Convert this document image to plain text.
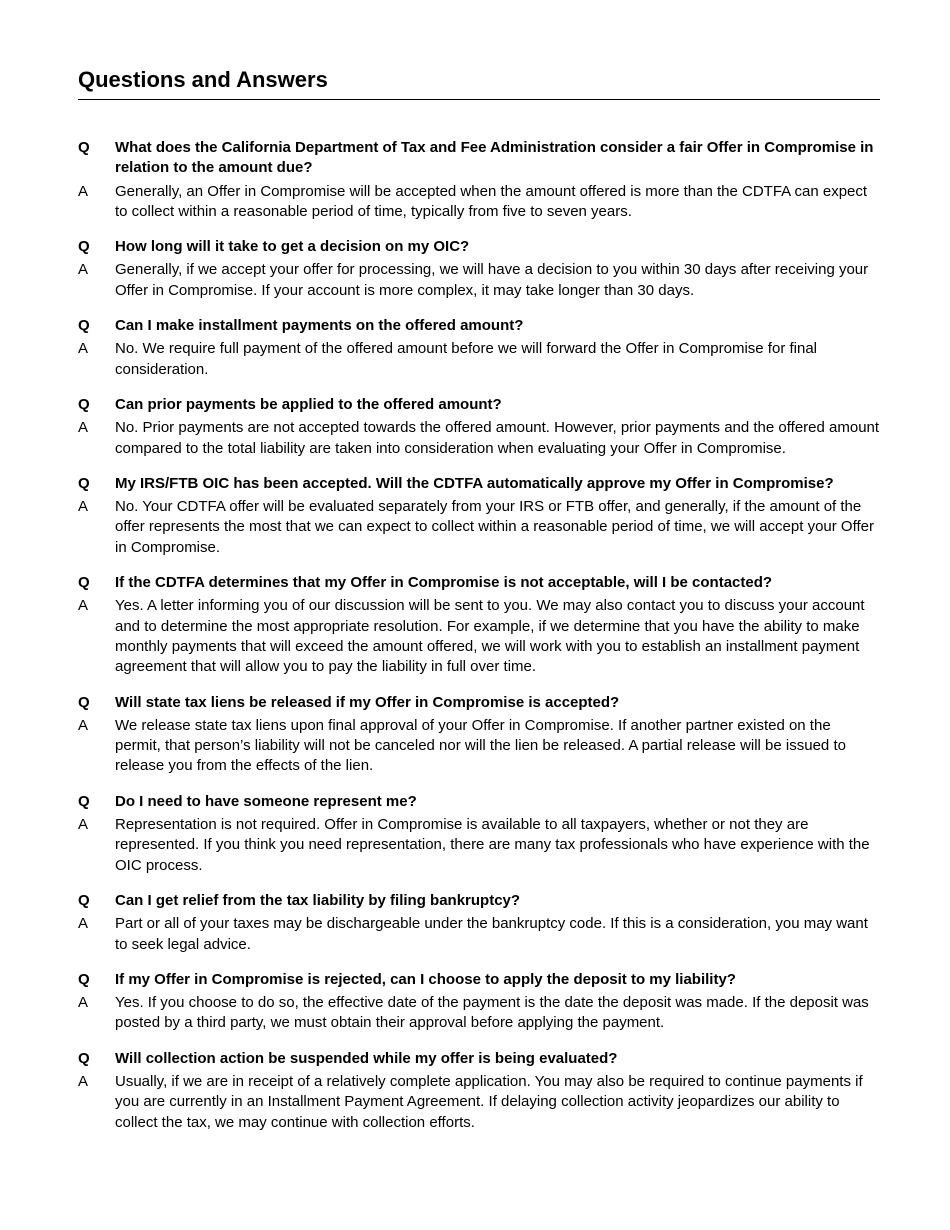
Questions and Answers
Q	What does the California Department of Tax and Fee Administration consider a fair Offer in Compromise in relation to the amount due?
A	Generally, an Offer in Compromise will be accepted when the amount offered is more than the CDTFA can expect to collect within a reasonable period of time, typically from five to seven years.
Q	How long will it take to get a decision on my OIC?
A	Generally, if we accept your offer for processing, we will have a decision to you within 30 days after receiving your Offer in Compromise. If your account is more complex, it may take longer than 30 days.
Q	Can I make installment payments on the offered amount?
A	No. We require full payment of the offered amount before we will forward the Offer in Compromise for final consideration.
Q	Can prior payments be applied to the offered amount?
A	No. Prior payments are not accepted towards the offered amount. However, prior payments and the offered amount compared to the total liability are taken into consideration when evaluating your Offer in Compromise.
Q	My IRS/FTB OIC has been accepted. Will the CDTFA automatically approve my Offer in Compromise?
A	No. Your CDTFA offer will be evaluated separately from your IRS or FTB offer, and generally, if the amount of the offer represents the most that we can expect to collect within a reasonable period of time, we will accept your Offer in Compromise.
Q	If the CDTFA determines that my Offer in Compromise is not acceptable, will I be contacted?
A	Yes. A letter informing you of our discussion will be sent to you. We may also contact you to discuss your account and to determine the most appropriate resolution. For example, if we determine that you have the ability to make monthly payments that will exceed the amount offered, we will work with you to establish an installment payment agreement that will allow you to pay the liability in full over time.
Q	Will state tax liens be released if my Offer in Compromise is accepted?
A	We release state tax liens upon final approval of your Offer in Compromise. If another partner existed on the permit, that person’s liability will not be canceled nor will the lien be released. A partial release will be issued to release you from the effects of the lien.
Q	Do I need to have someone represent me?
A	Representation is not required. Offer in Compromise is available to all taxpayers, whether or not they are represented. If you think you need representation, there are many tax professionals who have experience with the OIC process.
Q	Can I get relief from the tax liability by filing bankruptcy?
A	Part or all of your taxes may be dischargeable under the bankruptcy code. If this is a consideration, you may want to seek legal advice.
Q	If my Offer in Compromise is rejected, can I choose to apply the deposit to my liability?
A	Yes. If you choose to do so, the effective date of the payment is the date the deposit was made. If the deposit was posted by a third party, we must obtain their approval before applying the payment.
Q	Will collection action be suspended while my offer is being evaluated?
A	Usually, if we are in receipt of a relatively complete application. You may also be required to continue payments if you are currently in an Installment Payment Agreement. If delaying collection activity jeopardizes our ability to collect the tax, we may continue with collection efforts.
